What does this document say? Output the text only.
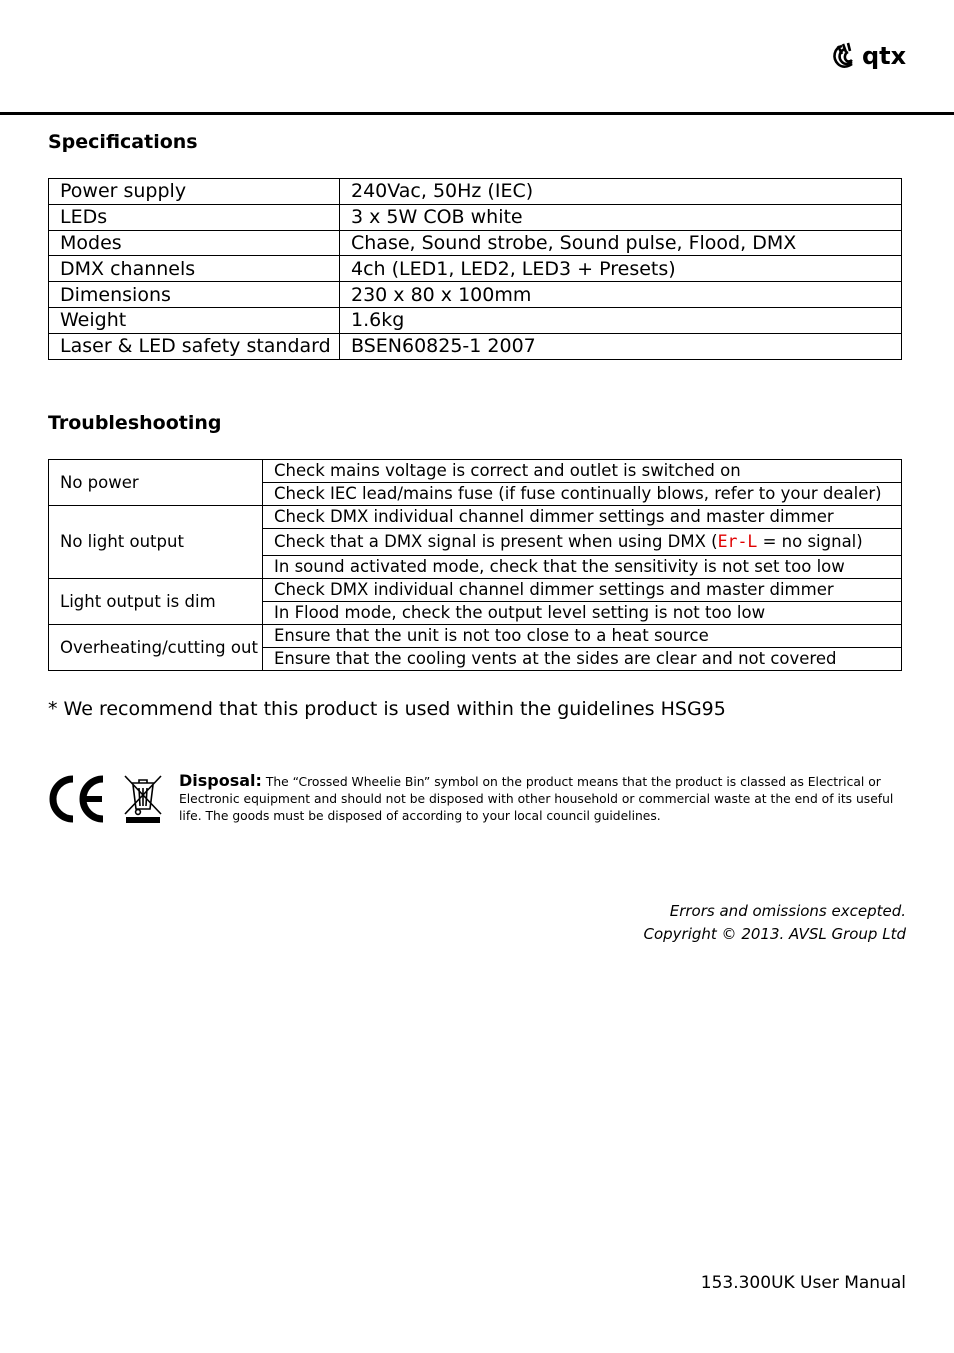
qtx
Specifications
Power supply	240Vac, 50Hz (IEC)
LEDs	3 x 5W COB white
Modes	Chase, Sound strobe, Sound pulse, Flood, DMX
DMX channels	4ch (LED1, LED2, LED3 + Presets)
Dimensions	230 x 80 x 100mm
Weight	1.6kg
Laser & LED safety standard	BSEN60825-1 2007
Troubleshooting
No power	Check mains voltage is correct and outlet is switched on
	Check IEC lead/mains fuse (if fuse continually blows, refer to your dealer)
No light output	Check DMX individual channel dimmer settings and master dimmer
	Check that a DMX signal is present when using DMX (Er-L = no signal)
	In sound activated mode, check that the sensitivity is not set too low
Light output is dim	Check DMX individual channel dimmer settings and master dimmer
	In Flood mode, check the output level setting is not too low
Overheating/cutting out	Ensure that the unit is not too close to a heat source
	Ensure that the cooling vents at the sides are clear and not covered
* We recommend that this product is used within the guidelines HSG95
Disposal: The “Crossed Wheelie Bin” symbol on the product means that the product is classed as Electrical or Electronic equipment and should not be disposed with other household or commercial waste at the end of its useful life. The goods must be disposed of according to your local council guidelines.
Errors and omissions excepted.
Copyright © 2013. AVSL Group Ltd
153.300UK User Manual
